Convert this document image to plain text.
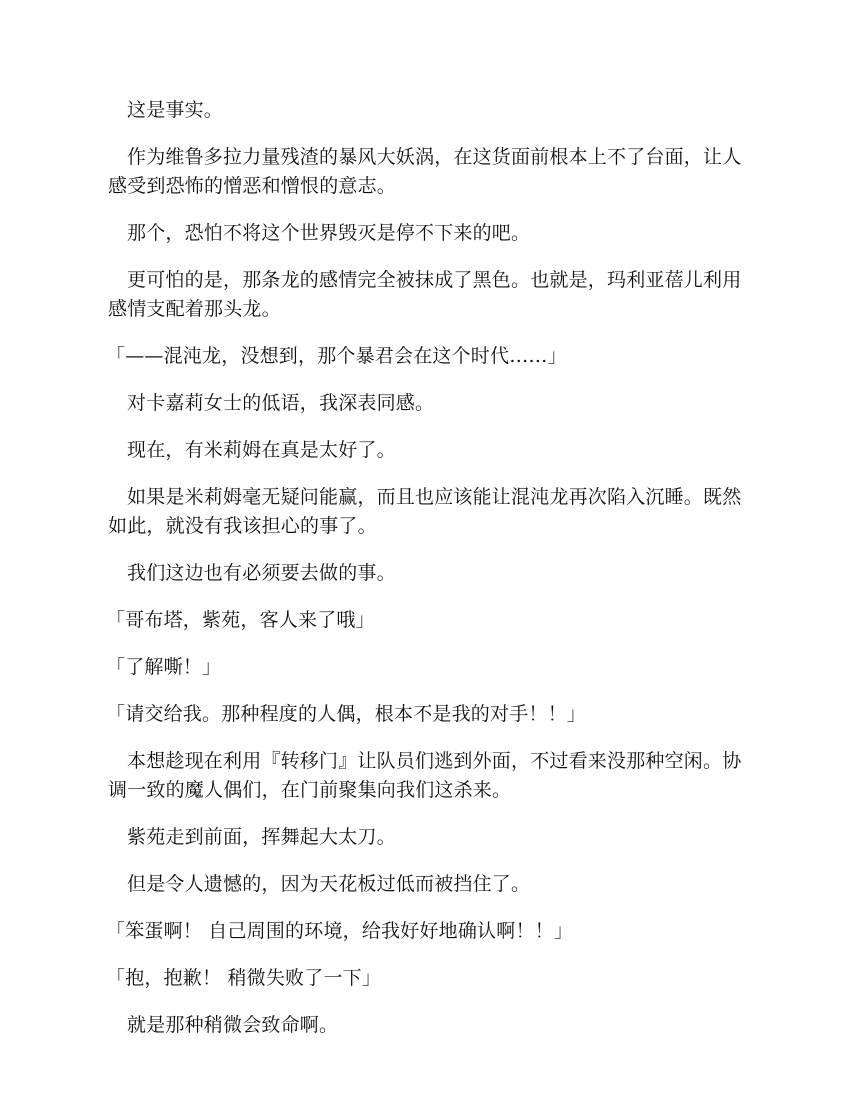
这是事实。

作为维鲁多拉力量残渣的暴风大妖涡，在这货面前根本上不了台面，让人感受到恐怖的憎恶和憎恨的意志。

那个，恐怕不将这个世界毁灭是停不下来的吧。

更可怕的是，那条龙的感情完全被抹成了黑色。也就是，玛利亚蓓儿利用感情支配着那头龙。

「——混沌龙，没想到，那个暴君会在这个时代……」

对卡嘉莉女士的低语，我深表同感。

现在，有米莉姆在真是太好了。

如果是米莉姆毫无疑问能赢，而且也应该能让混沌龙再次陷入沉睡。既然如此，就没有我该担心的事了。

我们这边也有必须要去做的事。

「哥布塔，紫苑，客人来了哦」

「了解嘶！」

「请交给我。那种程度的人偶，根本不是我的对手！！」

本想趁现在利用『转移门』让队员们逃到外面，不过看来没那种空闲。协调一致的魔人偶们，在门前聚集向我们这杀来。

紫苑走到前面，挥舞起大太刀。

但是令人遗憾的，因为天花板过低而被挡住了。

「笨蛋啊！ 自己周围的环境，给我好好地确认啊！！」

「抱，抱歉！ 稍微失败了一下」

就是那种稍微会致命啊。
